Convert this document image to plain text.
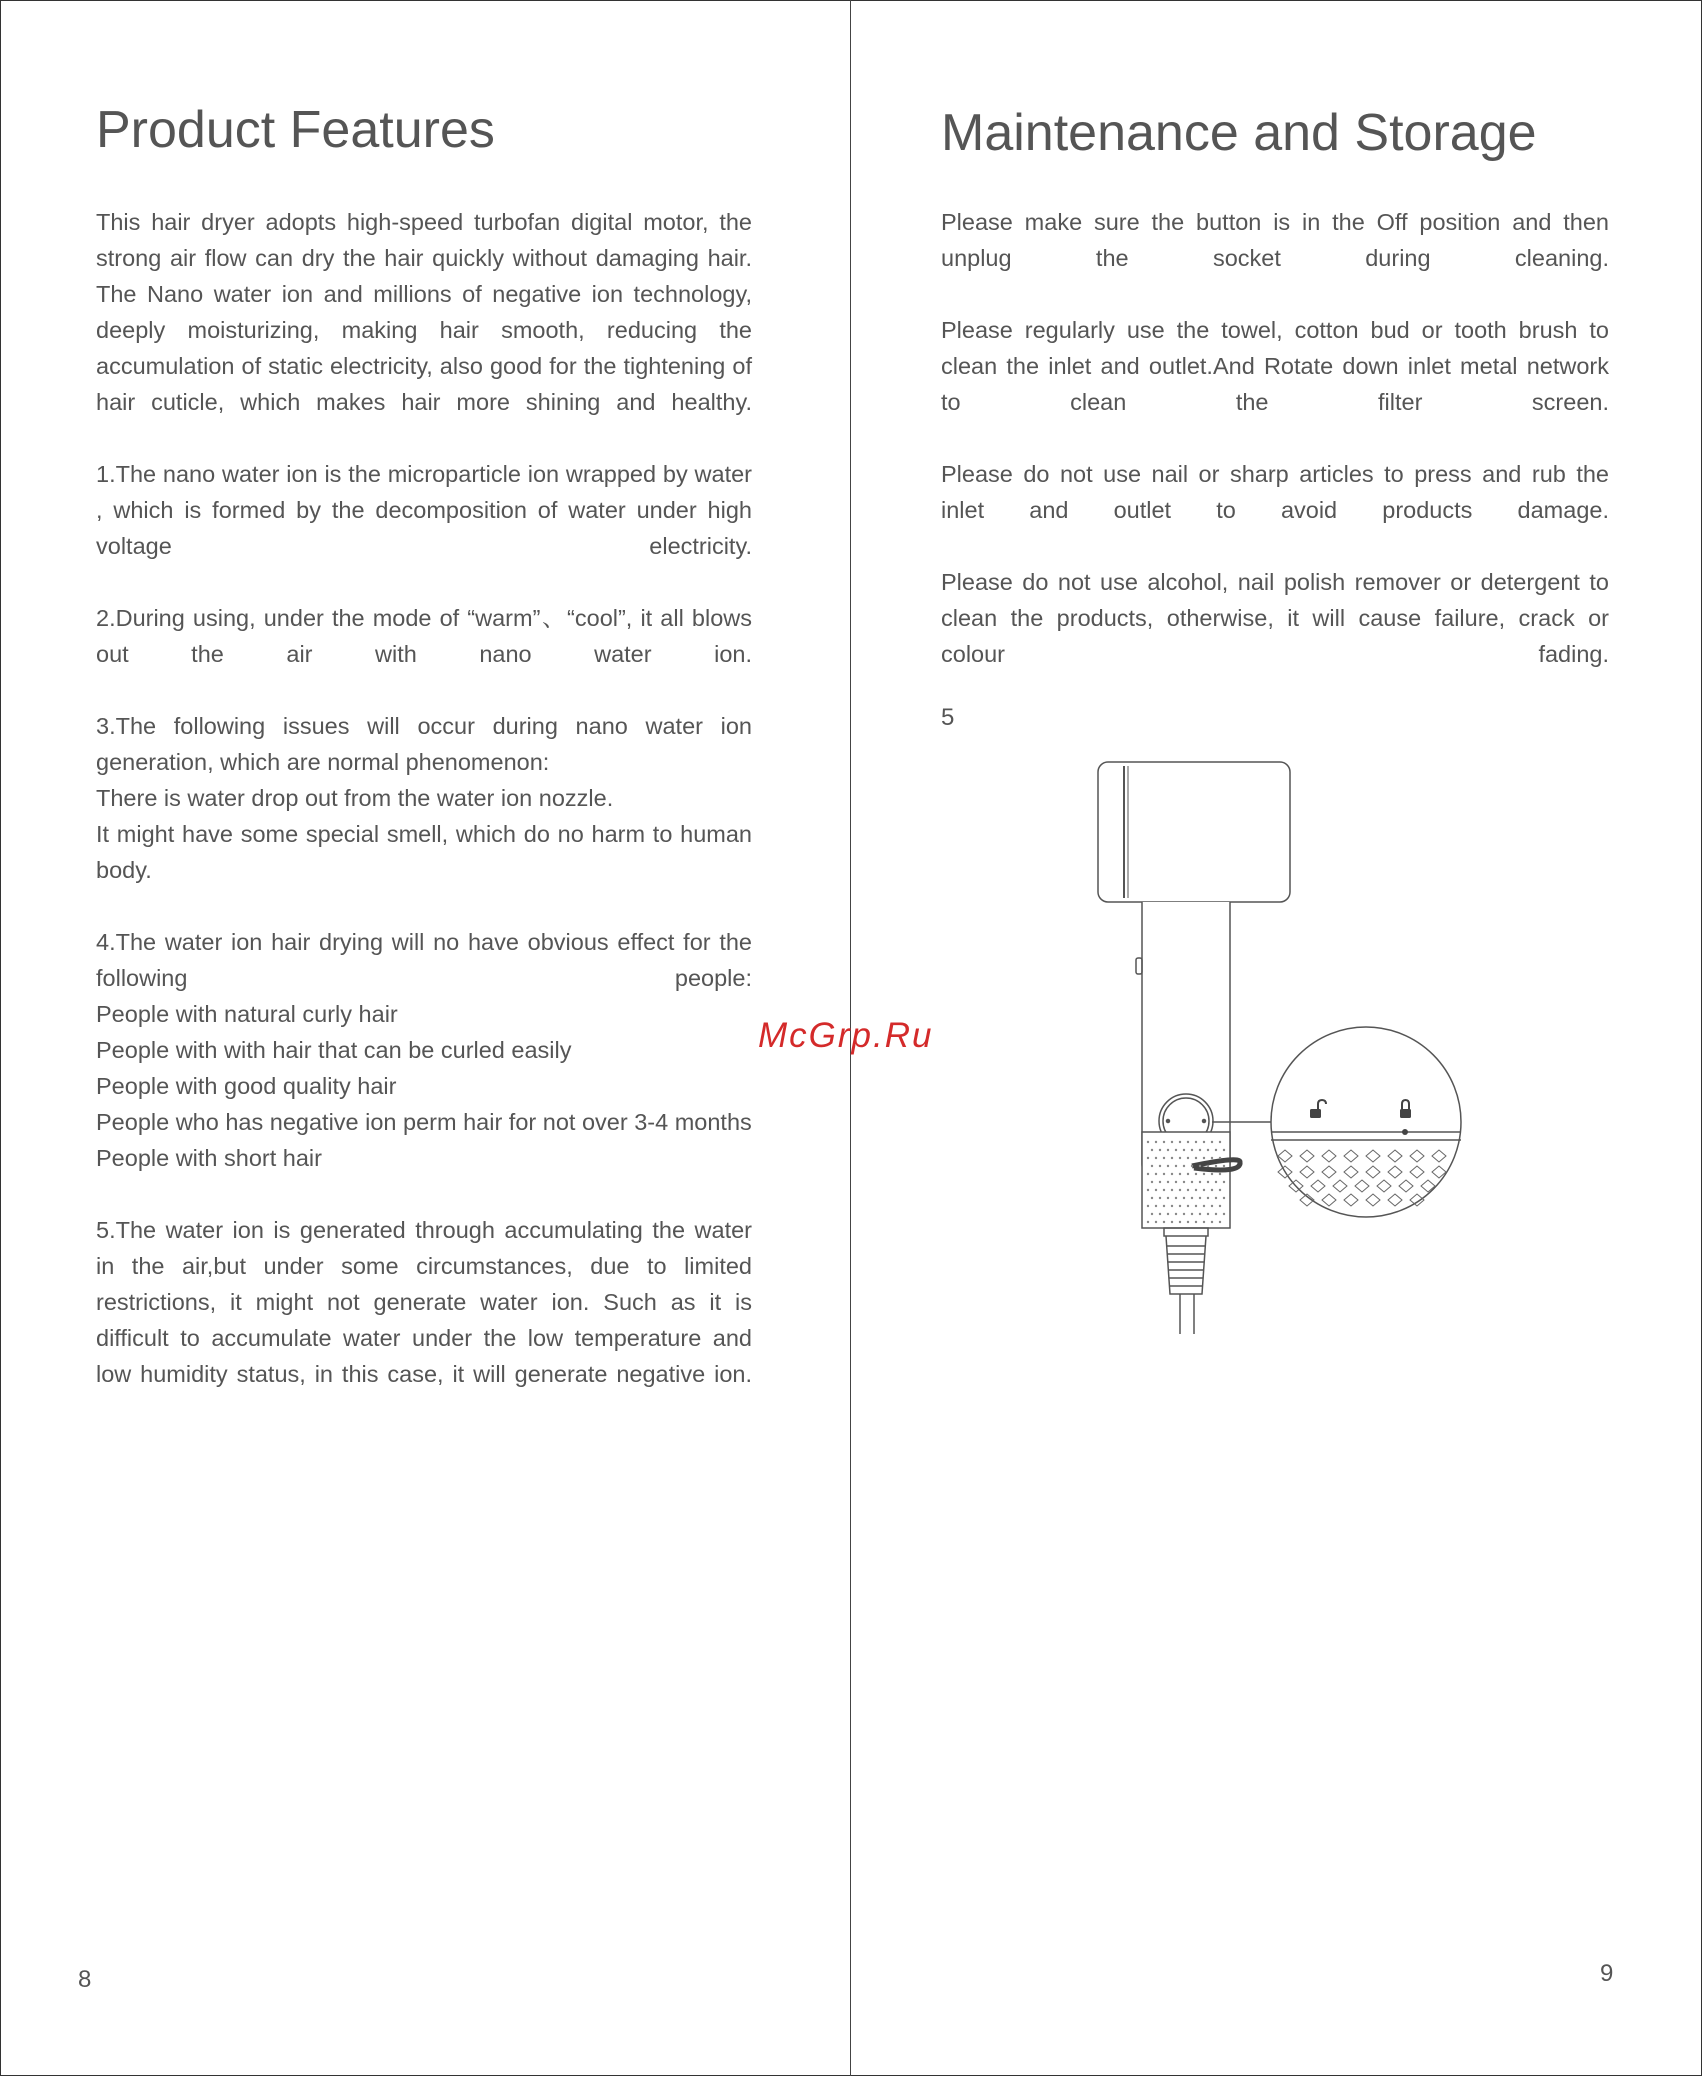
Product Features

This hair dryer adopts high-speed turbofan digital motor, the strong air flow can dry the hair quickly without damaging hair. The Nano water ion and millions of negative ion technology, deeply moisturizing, making hair smooth, reducing the accumulation of static electricity, also good for the tightening of hair cuticle, which makes hair more shining and healthy.

1.The nano water ion is the microparticle ion wrapped by water , which is formed by the decomposition of water under high voltage electricity.

2.During using, under the mode of “warm”、“cool”, it all blows out the air with nano water ion.

3.The following issues will occur during nano water ion generation, which are normal phenomenon:

There is water drop out from the water ion nozzle.

It might have some special smell, which do no harm to human body.

4.The water ion hair drying will no have obvious effect for the following people:

People with natural curly hair
People with with hair that can be curled easily
People with good quality hair

People who has negative ion perm hair for not over 3-4 months

People with short hair

5.The water ion is generated through accumulating the water in the air,but under some circumstances, due to limited restrictions, it might not generate water ion. Such as it is difficult to accumulate water under the low temperature and low humidity status, in this case, it will generate negative ion.

8
Maintenance and Storage

Please make sure the button is in the Off position and then unplug the socket during cleaning.

Please regularly use the towel, cotton bud or tooth brush to clean the inlet and outlet.And Rotate down inlet metal network to clean the filter screen.

Please do not use nail or sharp articles to press and rub the inlet and outlet to avoid products damage.

Please do not use alcohol, nail polish remover or detergent to clean the products, otherwise, it will cause failure, crack or colour fading.

5
9
McGrp.Ru
